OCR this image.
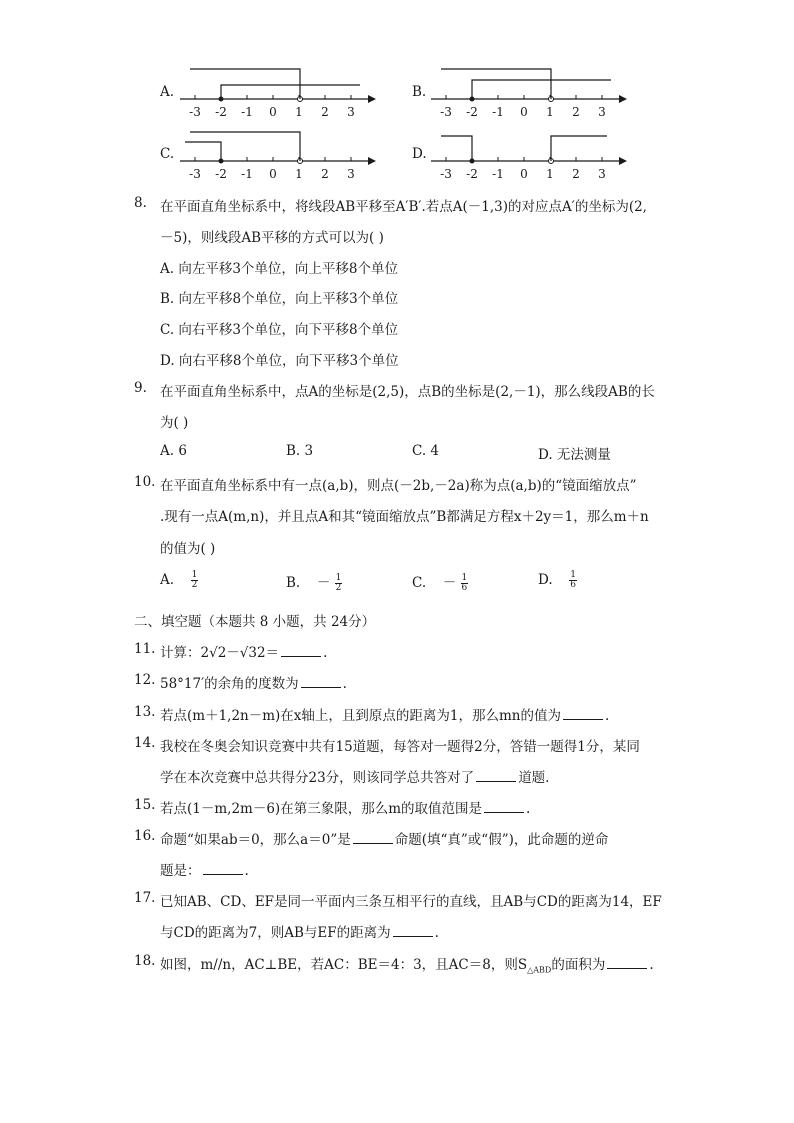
A.
-3 -2 -1 0 1 2 3
B.
-3 -2 -1 0 1 2 3
C.
-3 -2 -1 0 1 2 3
D.
-3 -2 -1 0 1 2 3
8. 在平面直角坐标系中，将线段AB平移至A′B′.若点A(－1,3)的对应点A′的坐标为(2,
－5)，则线段AB平移的方式可以为( )
A. 向左平移3个单位，向上平移8个单位
B. 向左平移8个单位，向上平移3个单位
C. 向右平移3个单位，向下平移8个单位
D. 向右平移8个单位，向下平移3个单位
9. 在平面直角坐标系中，点A的坐标是(2,5)，点B的坐标是(2,－1)，那么线段AB的长
为( )
A. 6	B. 3	C. 4	D. 无法测量
10. 在平面直角坐标系中有一点(a,b)，则点(－2b,－2a)称为点(a,b)的“镜面缩放点”
.现有一点A(m,n)，并且点A和其“镜面缩放点”B都满足方程x＋2y＝1，那么m＋n
的值为( )
A. $\frac{1}{2}$	B. － $\frac{1}{2}$	C. － $\frac{1}{6}$	D. $\frac{1}{6}$
二、填空题（本题共 8 小题，共 24分）
11. 计算：2√2－√32＝	.
12. 58°17′的余角的度数为	.
13. 若点(m＋1,2n－m)在x轴上，且到原点的距离为1，那么mn的值为	.
14. 我校在冬奥会知识竞赛中共有15道题，每答对一题得2分，答错一题得1分，某同
学在本次竞赛中总共得分23分，则该同学总共答对了	道题.
15. 若点(1－m,2m－6)在第三象限，那么m的取值范围是	.
16. 命题“如果ab＝0，那么a＝0”是	命题(填“真”或“假”)，此命题的逆命
题是：	.
17. 已知AB、CD、EF是同一平面内三条互相平行的直线，且AB与CD的距离为14，EF
与CD的距离为7，则AB与EF的距离为	.
18. 如图，m//n，AC⊥BE，若AC：BE＝4：3，且AC＝8，则$S_{\triangle ABD}$的面积为	.
